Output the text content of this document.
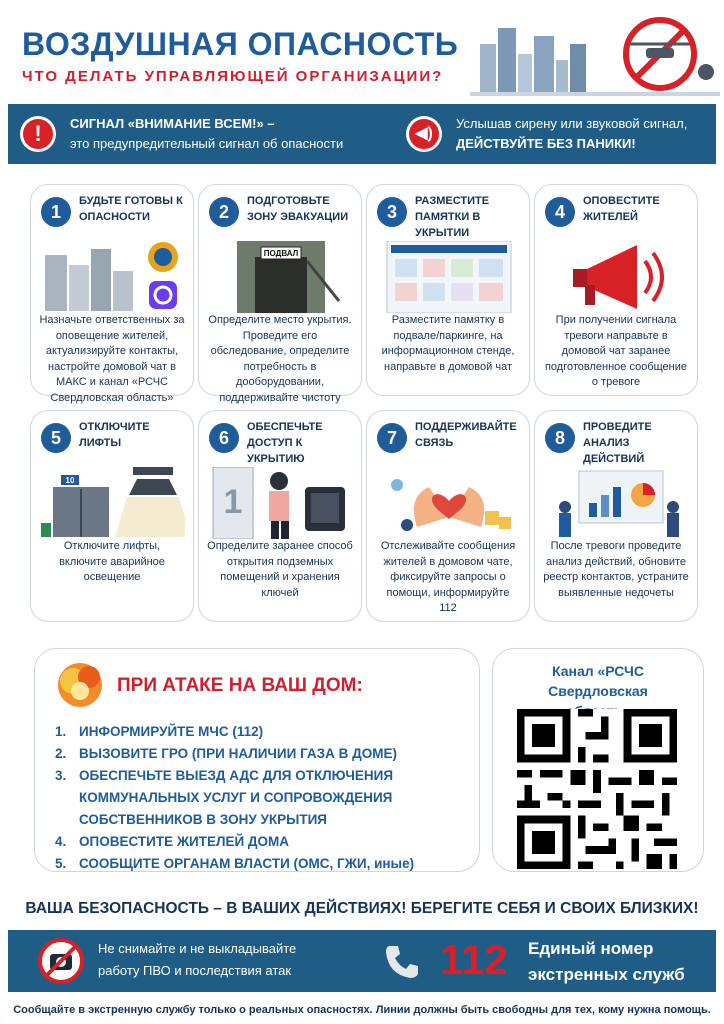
ВОЗДУШНАЯ ОПАСНОСТЬ
ЧТО ДЕЛАТЬ УПРАВЛЯЮЩЕЙ ОРГАНИЗАЦИИ?
!	СИГНАЛ «ВНИМАНИЕ ВСЕМ!» –
это предупредительный сигнал об опасности
◀)
Услышав сирену или звуковой сигнал,
ДЕЙСТВУЙТЕ БЕЗ ПАНИКИ!
1
БУДЬТЕ ГОТОВЫ К ОПАСНОСТИ
Назначьте ответственных за оповещение жителей, актуализируйте контакты, настройте домовой чат в МАКС и канал «РСЧС Свердловская область»
2
ПОДГОТОВЬТЕ ЗОНУ ЭВАКУАЦИИ
ПОДВАЛ
Определите место укрытия. Проведите его обследование, определите потребность в дооборудовании, поддерживайте чистоту
3
РАЗМЕСТИТЕ ПАМЯТКИ В УКРЫТИИ
Разместите памятку в подвале/паркинге, на информационном стенде, направьте в домовой чат
4
ОПОВЕСТИТЕ ЖИТЕЛЕЙ
При получении сигнала тревоги направьте в домовой чат заранее подготовленное сообщение о тревоге
5
ОТКЛЮЧИТЕ ЛИФТЫ
10
Отключите лифты, включите аварийное освещение
6
ОБЕСПЕЧЬТЕ ДОСТУП К УКРЫТИЮ
1
Определите заранее способ открытия подземных помещений и хранения ключей
7
ПОДДЕРЖИВАЙТЕ СВЯЗЬ
Отслеживайте сообщения жителей в домовом чате, фиксируйте запросы о помощи, информируйте
112
8
ПРОВЕДИТЕ АНАЛИЗ ДЕЙСТВИЙ
После тревоги проведите анализ действий, обновите реестр контактов, устраните выявленные недочеты
ПРИ АТАКЕ НА ВАШ ДОМ:
1. ИНФОРМИРУЙТЕ МЧС (112)
2. ВЫЗОВИТЕ ГРО (ПРИ НАЛИЧИИ ГАЗА В ДОМЕ)
3. ОБЕСПЕЧЬТЕ ВЫЕЗД АДС ДЛЯ ОТКЛЮЧЕНИЯ
КОММУНАЛЬНЫХ УСЛУГ И СОПРОВОЖДЕНИЯ
СОБСТВЕННИКОВ В ЗОНУ УКРЫТИЯ
4. ОПОВЕСТИТЕ ЖИТЕЛЕЙ ДОМА
5. СООБЩИТЕ ОРГАНАМ ВЛАСТИ (ОМС, ГЖИ, иные)
Канал «РСЧС Свердловская
ВАША БЕЗОПАСНОСТЬ – В ВАШИХ ДЕЙСТВИЯХ! БЕРЕГИТЕ СЕБЯ И СВОИХ БЛИЗКИХ!
Не снимайте и не выкладывайте
работу ПВО и последствия атак	112 Единый номер
экстренных служб
Сообщайте в экстренную службу только о реальных опасностях. Линии должны быть свободны для тех, кому нужна помощь.
